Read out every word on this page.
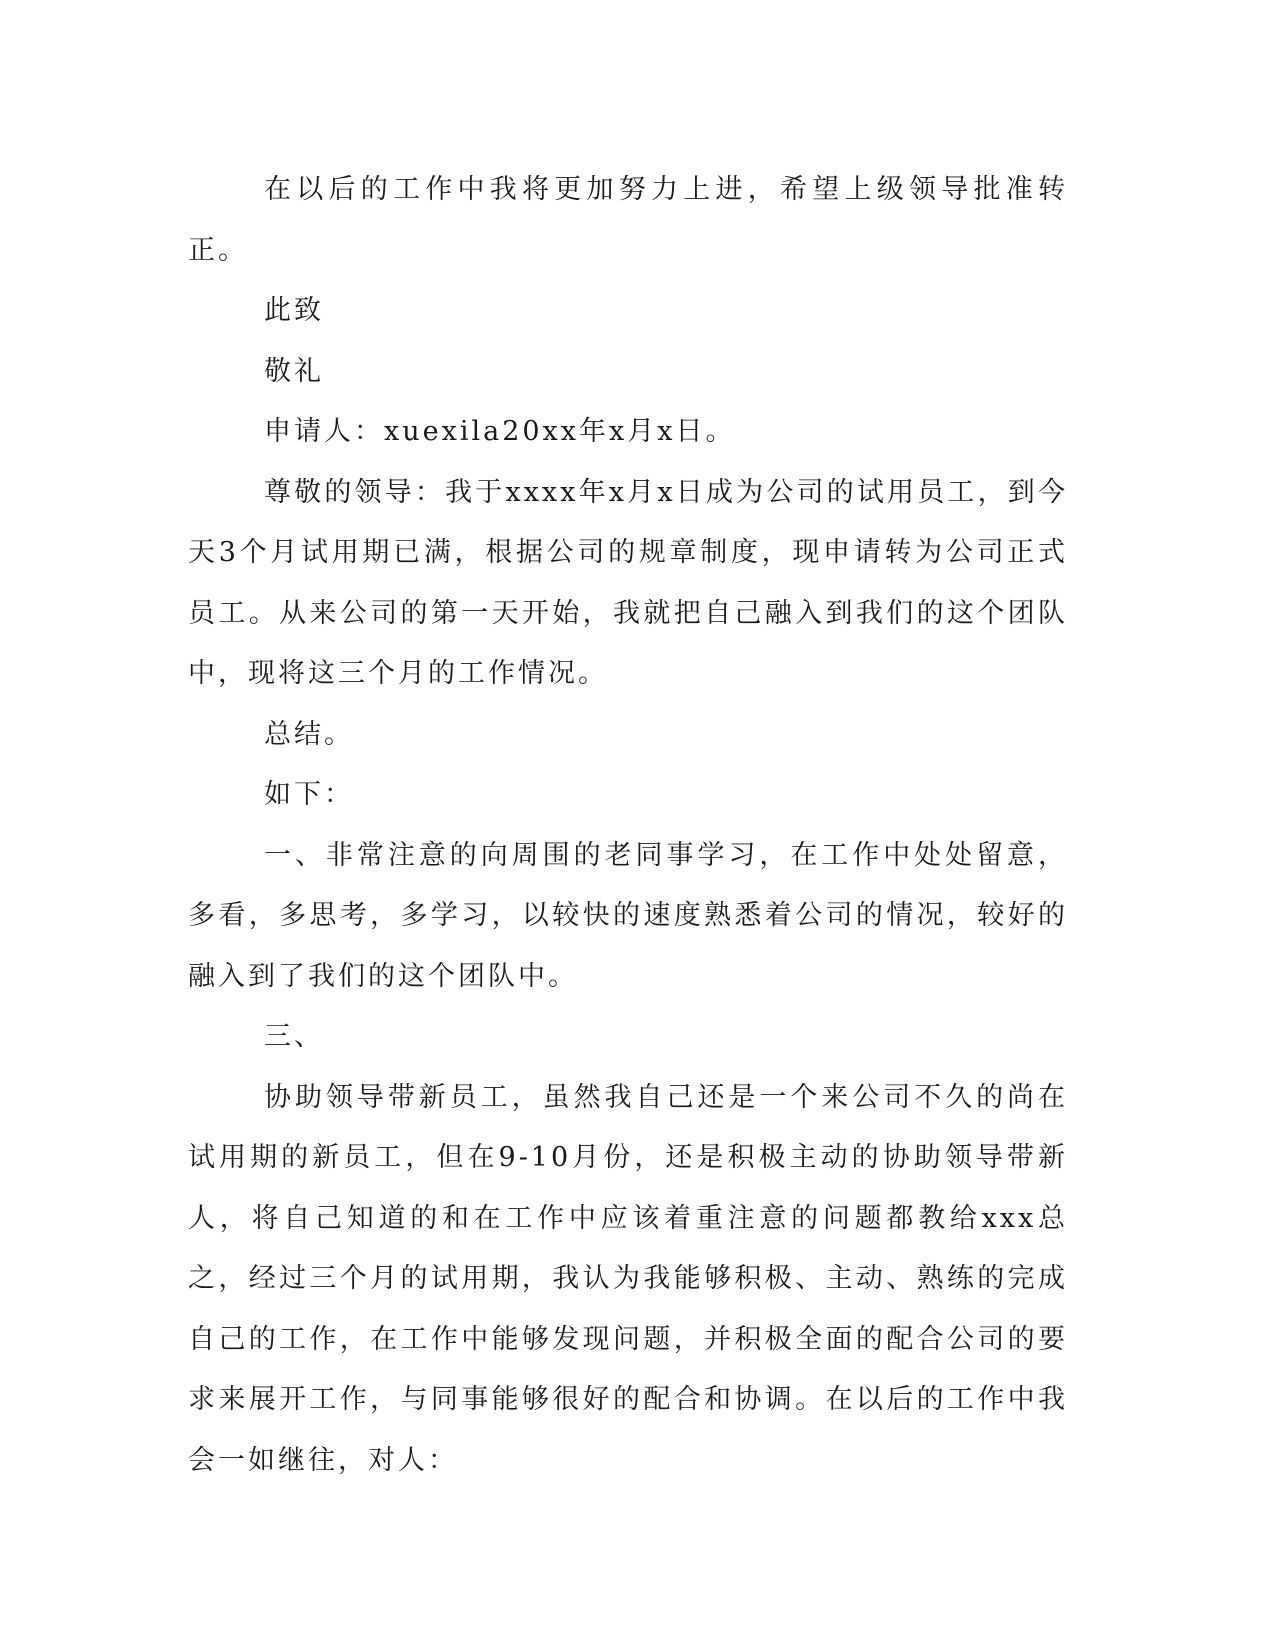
在以后的工作中我将更加努力上进，希望上级领导批准转正。

此致

敬礼

申请人：xuexila20xx年x月x日。

尊敬的领导：我于xxxx年x月x日成为公司的试用员工，到今天3个月试用期已满，根据公司的规章制度，现申请转为公司正式员工。从来公司的第一天开始，我就把自己融入到我们的这个团队中，现将这三个月的工作情况。

总结。

如下：

一、非常注意的向周围的老同事学习，在工作中处处留意，多看，多思考，多学习，以较快的速度熟悉着公司的情况，较好的融入到了我们的这个团队中。

三、

协助领导带新员工，虽然我自己还是一个来公司不久的尚在试用期的新员工，但在9-10月份，还是积极主动的协助领导带新人，将自己知道的和在工作中应该着重注意的问题都教给xxx总之，经过三个月的试用期，我认为我能够积极、主动、熟练的完成自己的工作，在工作中能够发现问题，并积极全面的配合公司的要求来展开工作，与同事能够很好的配合和协调。在以后的工作中我会一如继往，对人：
